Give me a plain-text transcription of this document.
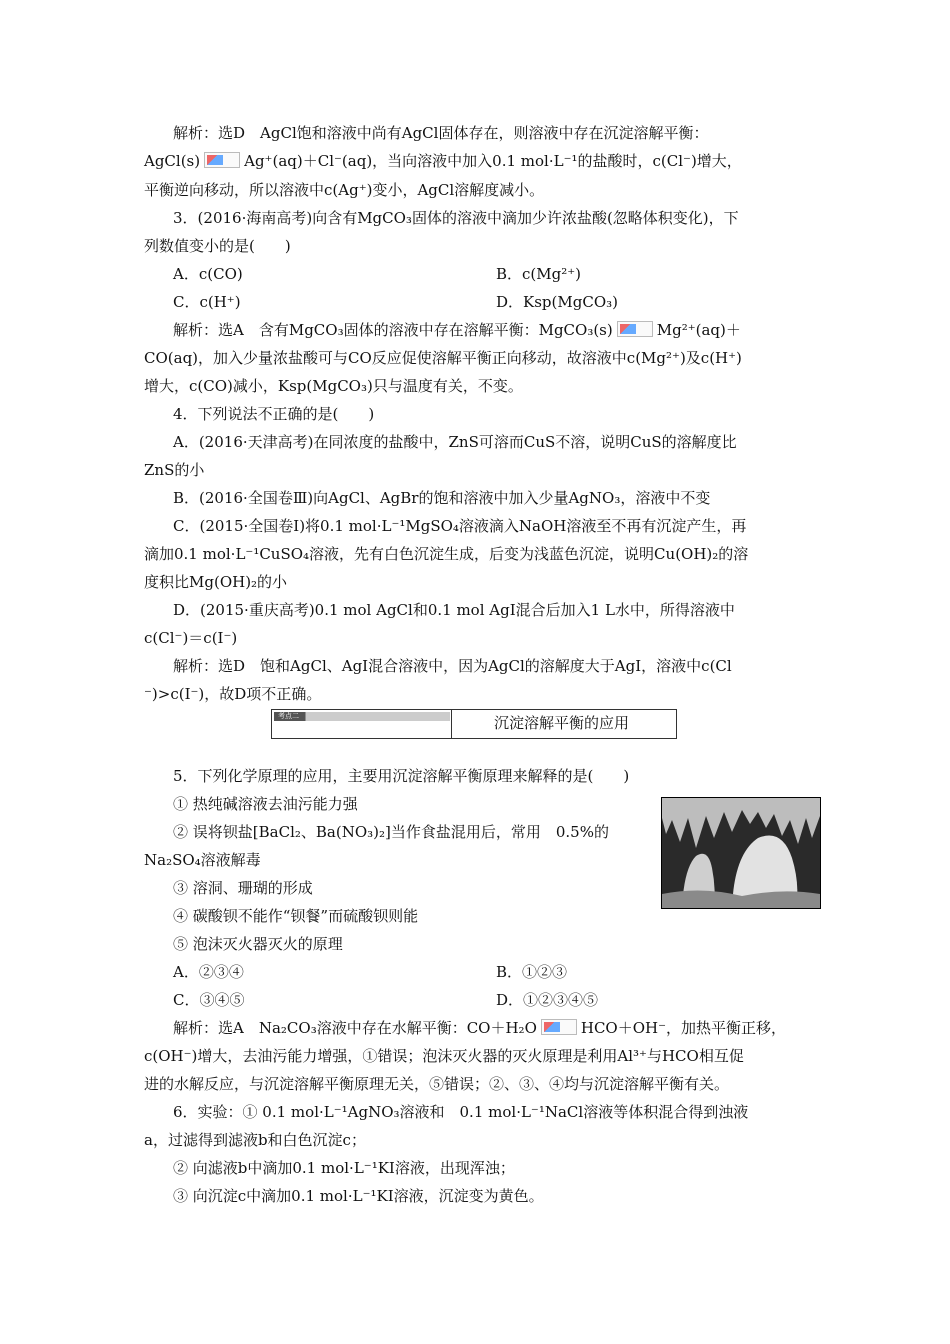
解析：选D　AgCl饱和溶液中尚有AgCl固体存在，则溶液中存在沉淀溶解平衡：
AgCl(s)	Ag⁺(aq)＋Cl⁻(aq)，当向溶液中加入0.1 mol·L⁻¹的盐酸时，c(Cl⁻)增大，
平衡逆向移动，所以溶液中c(Ag⁺)变小，AgCl溶解度减小。
3．(2016·海南高考)向含有MgCO₃固体的溶液中滴加少许浓盐酸(忽略体积变化)，下
列数值变小的是(　　)
A．c(CO)	B．c(Mg²⁺)
C．c(H⁺)	D．Ksp(MgCO₃)
解析：选A　含有MgCO₃固体的溶液中存在溶解平衡：MgCO₃(s)	Mg²⁺(aq)＋
CO(aq)，加入少量浓盐酸可与CO反应促使溶解平衡正向移动，故溶液中c(Mg²⁺)及c(H⁺)
增大，c(CO)减小，Ksp(MgCO₃)只与温度有关，不变。
4．下列说法不正确的是(　　)
A．(2016·天津高考)在同浓度的盐酸中，ZnS可溶而CuS不溶，说明CuS的溶解度比
ZnS的小
B．(2016·全国卷Ⅲ)向AgCl、AgBr的饱和溶液中加入少量AgNO₃，溶液中不变
C．(2015·全国卷Ⅰ)将0.1 mol·L⁻¹MgSO₄溶液滴入NaOH溶液至不再有沉淀产生，再
滴加0.1 mol·L⁻¹CuSO₄溶液，先有白色沉淀生成，后变为浅蓝色沉淀，说明Cu(OH)₂的溶
度积比Mg(OH)₂的小
D．(2015·重庆高考)0.1 mol AgCl和0.1 mol AgI混合后加入1 L水中，所得溶液中
c(Cl⁻)＝c(I⁻)
解析：选D　饱和AgCl、AgI混合溶液中，因为AgCl的溶解度大于AgI，溶液中c(Cl
⁻)>c(I⁻)，故D项不正确。
考点二	沉淀溶解平衡的应用
5．下列化学原理的应用，主要用沉淀溶解平衡原理来解释的是(　　)
① 热纯碱溶液去油污能力强
② 误将钡盐[BaCl₂、Ba(NO₃)₂]当作食盐混用后，常用　0.5%的
Na₂SO₄溶液解毒
③ 溶洞、珊瑚的形成
④ 碳酸钡不能作“钡餐”而硫酸钡则能
⑤ 泡沫灭火器灭火的原理
A．②③④	B．①②③
C．③④⑤	D．①②③④⑤
解析：选A　Na₂CO₃溶液中存在水解平衡：CO＋H₂O	HCO＋OH⁻，加热平衡正移，
c(OH⁻)增大，去油污能力增强，①错误；泡沫灭火器的灭火原理是利用Al³⁺与HCO相互促
进的水解反应，与沉淀溶解平衡原理无关，⑤错误；②、③、④均与沉淀溶解平衡有关。
6．实验：① 0.1 mol·L⁻¹AgNO₃溶液和　0.1 mol·L⁻¹NaCl溶液等体积混合得到浊液
a，过滤得到滤液b和白色沉淀c；
② 向滤液b中滴加0.1 mol·L⁻¹KI溶液，出现浑浊；
③ 向沉淀c中滴加0.1 mol·L⁻¹KI溶液，沉淀变为黄色。
